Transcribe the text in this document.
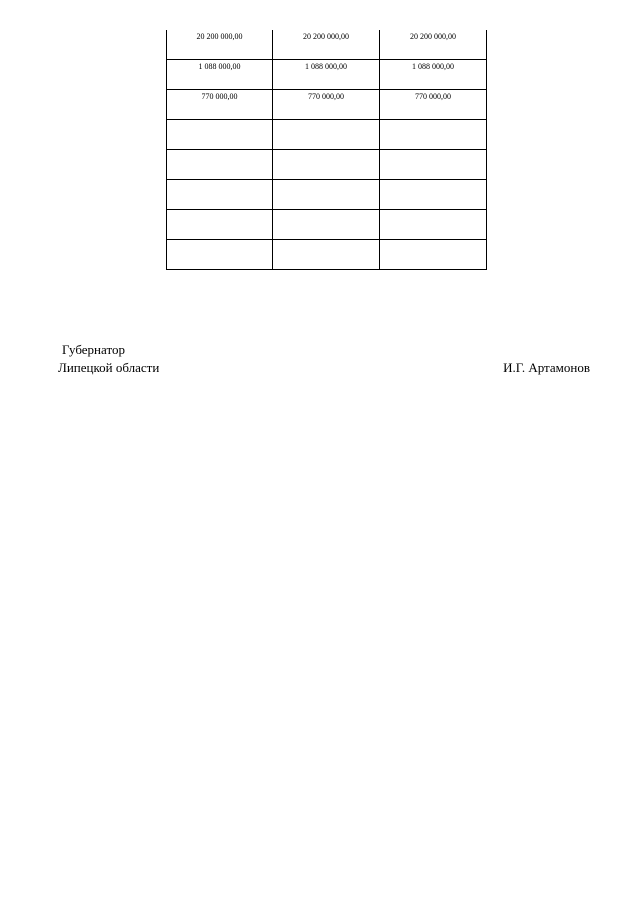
20 200 000,00	20 200 000,00	20 200 000,00
1 088 000,00	1 088 000,00	1 088 000,00
770 000,00	770 000,00	770 000,00

Губернатор
Липецкой области	И.Г. Артамонов
